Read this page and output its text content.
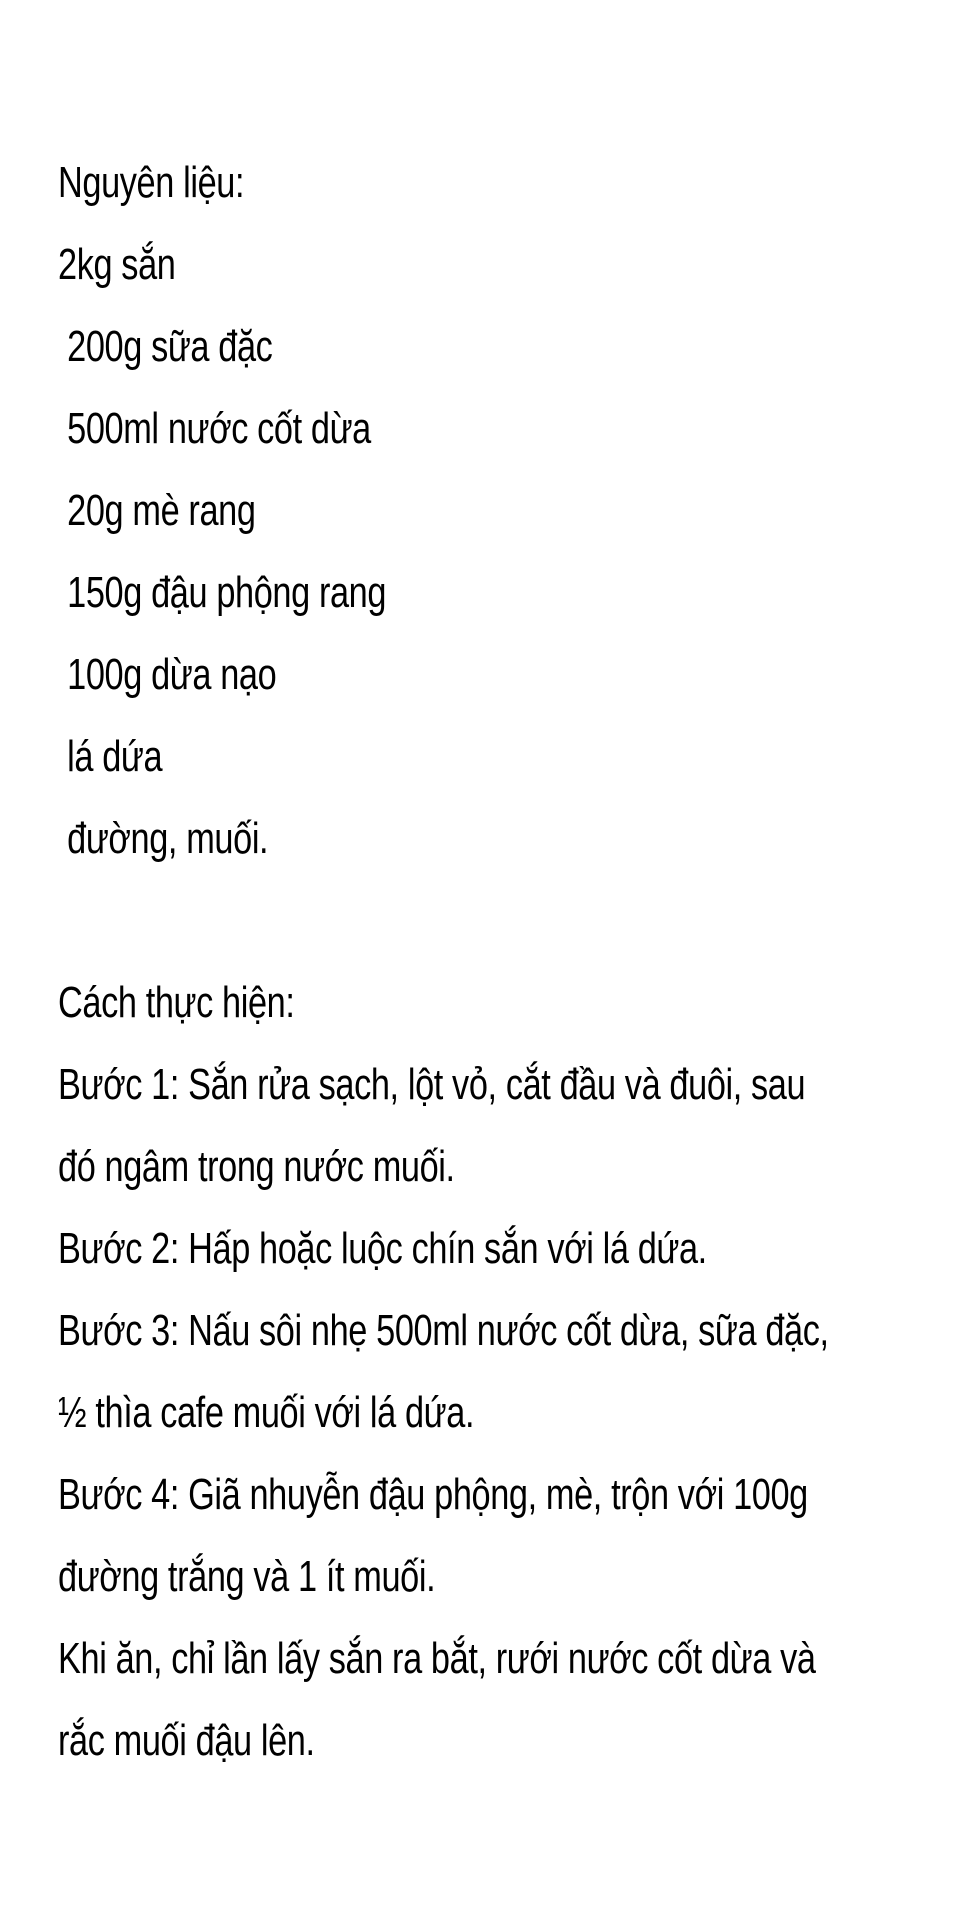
Nguyên liệu:
2kg sắn
200g sữa đặc
500ml nước cốt dừa
20g mè rang
150g đậu phộng rang
100g dừa nạo
lá dứa
đường, muối.
Cách thực hiện:
Bước 1: Sắn rửa sạch, lột vỏ, cắt đầu và đuôi, sau
đó ngâm trong nước muối.
Bước 2: Hấp hoặc luộc chín sắn với lá dứa.
Bước 3: Nấu sôi nhẹ 500ml nước cốt dừa, sữa đặc,
½ thìa cafe muối với lá dứa.
Bước 4: Giã nhuyễn đậu phộng, mè, trộn với 100g
đường trắng và 1 ít muối.
Khi ăn, chỉ lần lấy sắn ra bắt, rưới nước cốt dừa và
rắc muối đậu lên.
